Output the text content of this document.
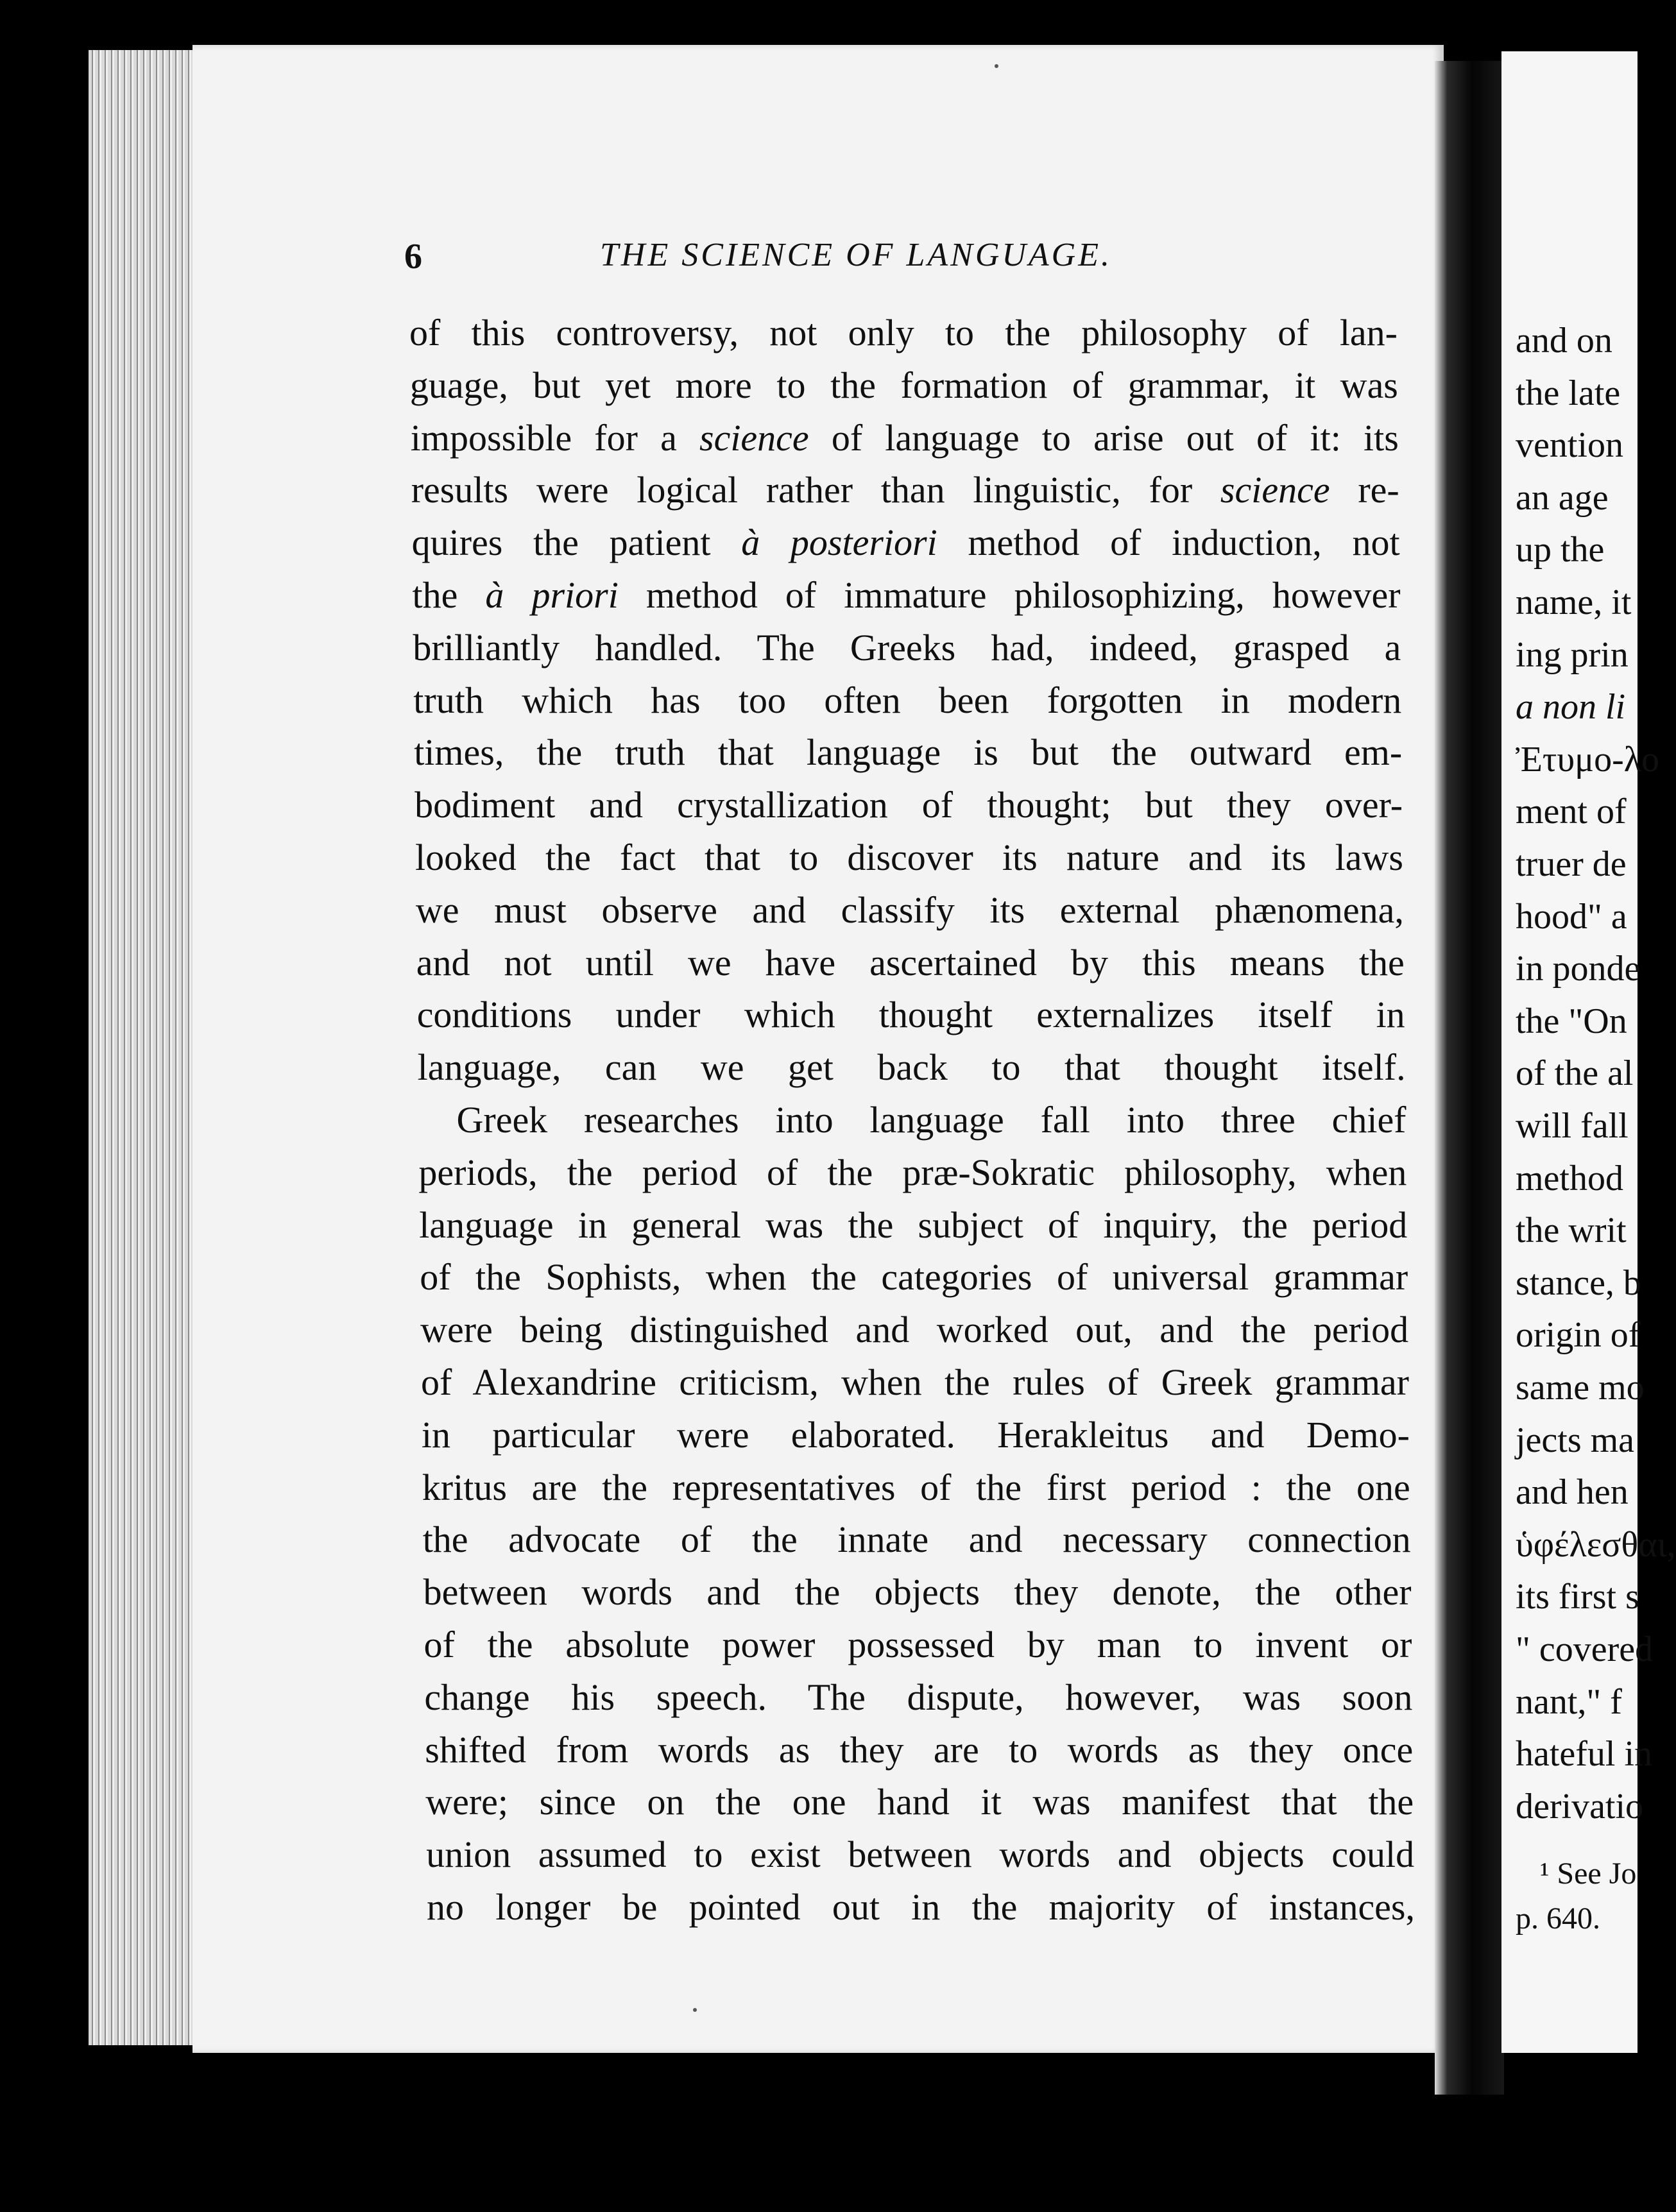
and on
the late
vention
an age
up the
name, it
ing prin
a non li
Ἐτυμο-λο
ment of
truer de
hood" a
in ponde
the "On
of the al
will fall
method
the writ
stance, b
origin of
same mo
jects ma
and hen
ὑφέλεσθαι,
its first s
" covered
nant," f
hateful in
derivatio
¹ See Jo
p. 640.
6	THE SCIENCE OF LANGUAGE.
of this controversy, not only to the philosophy of lan-
guage, but yet more to the formation of grammar, it was
impossible for a science of language to arise out of it: its
results were logical rather than linguistic, for science re-
quires the patient à posteriori method of induction, not
the à priori method of immature philosophizing, however
brilliantly handled. The Greeks had, indeed, grasped a
truth which has too often been forgotten in modern
times, the truth that language is but the outward em-
bodiment and crystallization of thought; but they over-
looked the fact that to discover its nature and its laws
we must observe and classify its external phænomena,
and not until we have ascertained by this means the
conditions under which thought externalizes itself in
language, can we get back to that thought itself.
Greek researches into language fall into three chief
periods, the period of the præ-Sokratic philosophy, when
language in general was the subject of inquiry, the period
of the Sophists, when the categories of universal grammar
were being distinguished and worked out, and the period
of Alexandrine criticism, when the rules of Greek grammar
in particular were elaborated. Herakleitus and Demo-
kritus are the representatives of the first period : the one
the advocate of the innate and necessary connection
between words and the objects they denote, the other
of the absolute power possessed by man to invent or
change his speech. The dispute, however, was soon
shifted from words as they are to words as they once
were; since on the one hand it was manifest that the
union assumed to exist between words and objects could
no longer be pointed out in the majority of instances,
